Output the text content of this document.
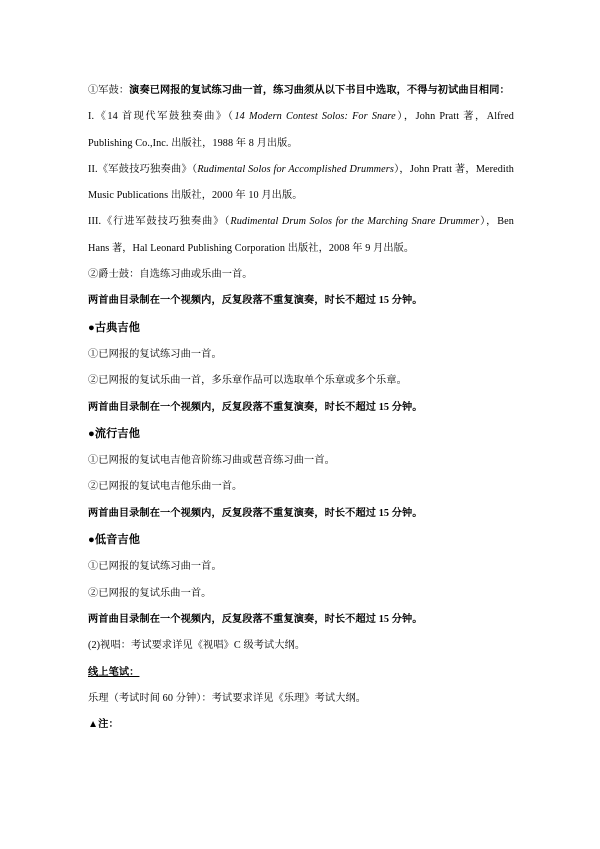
①军鼓：演奏已网报的复试练习曲一首，练习曲须从以下书目中选取，不得与初试曲目相同：

I.《14 首现代军鼓独奏曲》（14 Modern Contest Solos: For Snare），John Pratt 著，Alfred Publishing Co.,Inc. 出版社，1988 年 8 月出版。

II.《军鼓技巧独奏曲》（Rudimental Solos for Accomplished Drummers），John Pratt 著，Meredith Music Publications 出版社，2000 年 10 月出版。

III.《行进军鼓技巧独奏曲》（Rudimental Drum Solos for the Marching Snare Drummer），Ben Hans 著，Hal Leonard Publishing Corporation 出版社，2008 年 9 月出版。

②爵士鼓：自选练习曲或乐曲一首。

两首曲目录制在一个视频内，反复段落不重复演奏，时长不超过 15 分钟。

●古典吉他

①已网报的复试练习曲一首。

②已网报的复试乐曲一首，多乐章作品可以选取单个乐章或多个乐章。

两首曲目录制在一个视频内，反复段落不重复演奏，时长不超过 15 分钟。

●流行吉他

①已网报的复试电吉他音阶练习曲或琶音练习曲一首。

②已网报的复试电吉他乐曲一首。

两首曲目录制在一个视频内，反复段落不重复演奏，时长不超过 15 分钟。

●低音吉他

①已网报的复试练习曲一首。

②已网报的复试乐曲一首。

两首曲目录制在一个视频内，反复段落不重复演奏，时长不超过 15 分钟。

(2)视唱：考试要求详见《视唱》C 级考试大纲。

线上笔试：

乐理（考试时间 60 分钟）：考试要求详见《乐理》考试大纲。

▲注：
